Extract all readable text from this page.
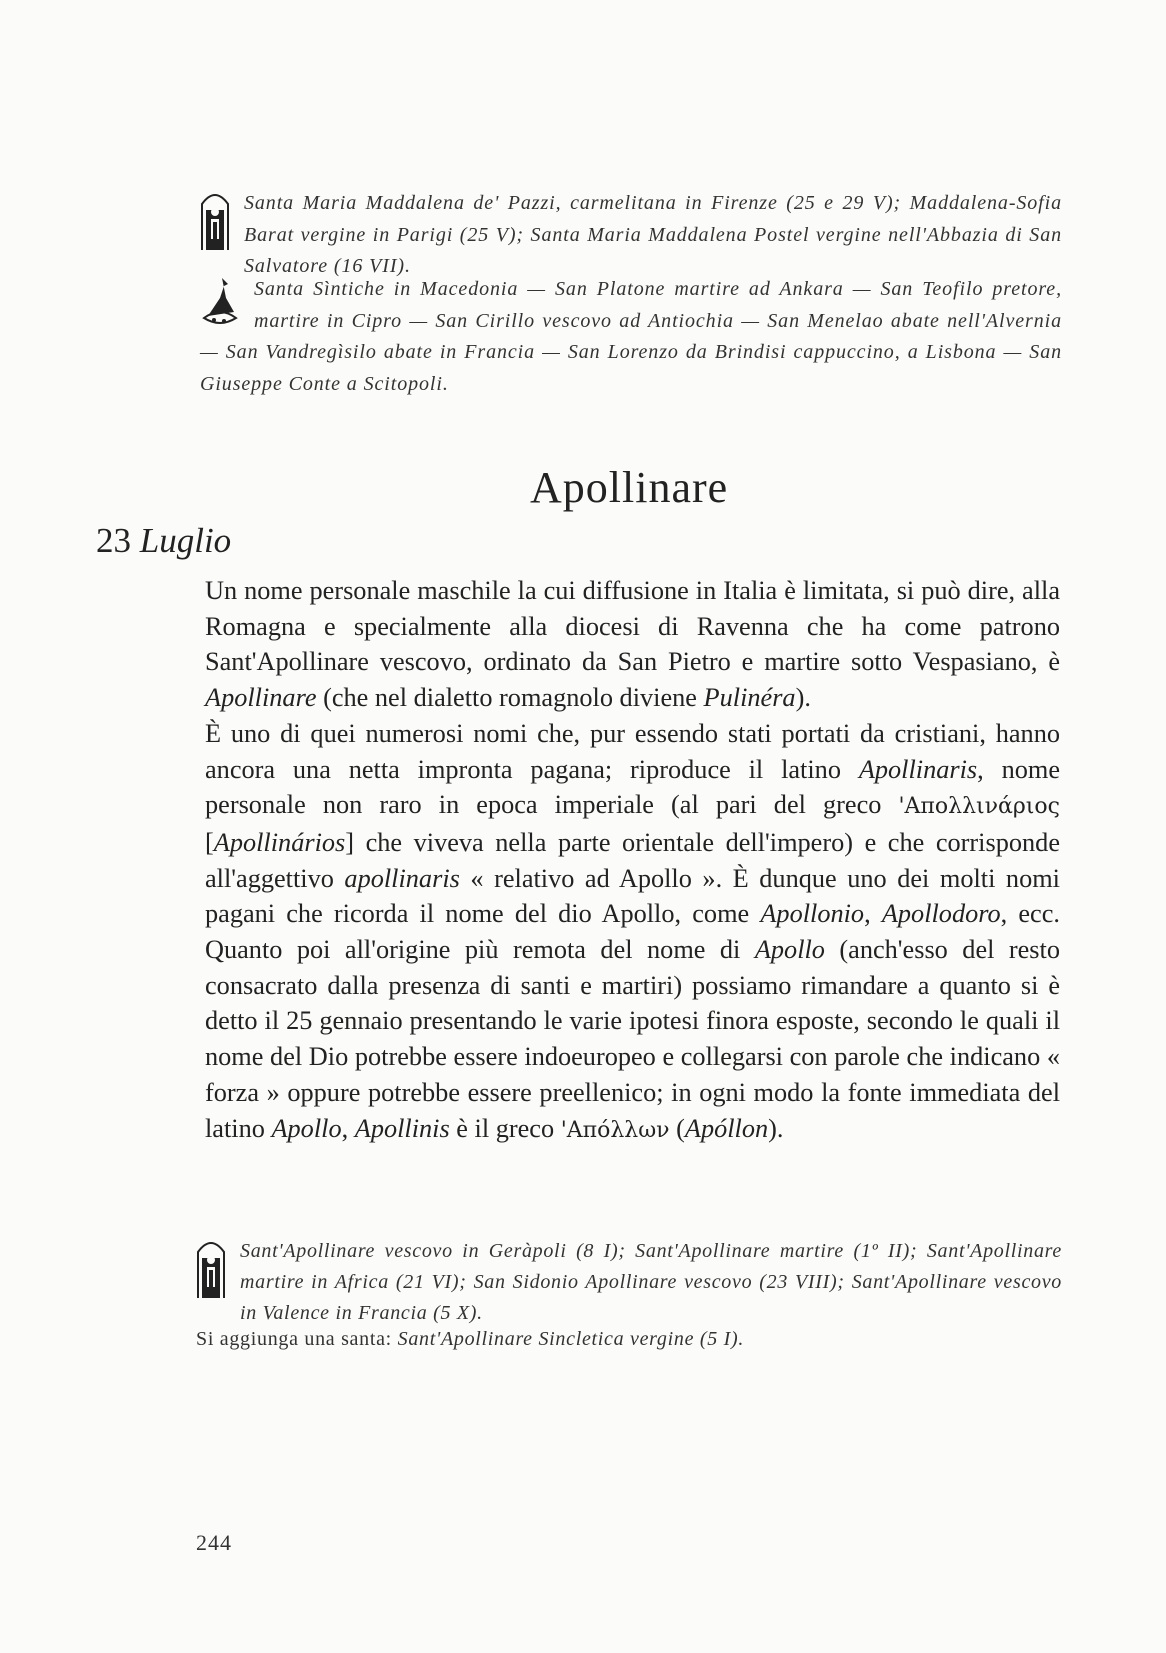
Santa Maria Maddalena de' Pazzi, carmelitana in Firenze (25 e 29 V); Maddalena-Sofia Barat vergine in Parigi (25 V); Santa Maria Maddalena Postel vergine nell'Abbazia di San Salvatore (16 VII).

Santa Sìntiche in Macedonia — San Platone martire ad Ankara — San Teofilo pretore, martire in Cipro — San Cirillo vescovo ad Antiochia — San Menelao abate nell'Alvernia — San Vandregìsilo abate in Francia — San Lorenzo da Brindisi cappuccino, a Lisbona — San Giuseppe Conte a Scitopoli.

Apollinare
23 Luglio

Un nome personale maschile la cui diffusione in Italia è limitata, si può dire, alla Romagna e specialmente alla diocesi di Ravenna che ha come patrono Sant'Apollinare vescovo, ordinato da San Pietro e martire sotto Vespasiano, è Apollinare (che nel dialetto romagnolo diviene Pulinéra).

È uno di quei numerosi nomi che, pur essendo stati portati da cristiani, hanno ancora una netta impronta pagana; riproduce il latino Apollinaris, nome personale non raro in epoca imperiale (al pari del greco 'Απολλινάριος [Apollinários] che viveva nella parte orientale dell'impero) e che corrisponde all'aggettivo apollinaris « relativo ad Apollo ». È dunque uno dei molti nomi pagani che ricorda il nome del dio Apollo, come Apollonio, Apollodoro, ecc. Quanto poi all'origine più remota del nome di Apollo (anch'esso del resto consacrato dalla presenza di santi e martiri) possiamo rimandare a quanto si è detto il 25 gennaio presentando le varie ipotesi finora esposte, secondo le quali il nome del Dio potrebbe essere indoeuropeo e collegarsi con parole che indicano « forza » oppure potrebbe essere preellenico; in ogni modo la fonte immediata del latino Apollo, Apollinis è il greco 'Απόλλων (Apóllon).

Sant'Apollinare vescovo in Geràpoli (8 I); Sant'Apollinare martire (1º II); Sant'Apollinare martire in Africa (21 VI); San Sidonio Apollinare vescovo (23 VIII); Sant'Apollinare vescovo in Valence in Francia (5 X).

Si aggiunga una santa: Sant'Apollinare Sincletica vergine (5 I).
244
